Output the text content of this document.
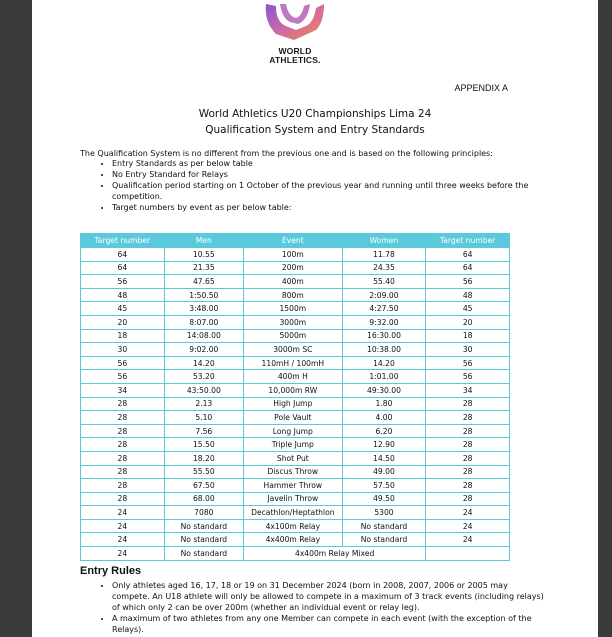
WORLD
ATHLETICS.
APPENDIX A
World Athletics U20 Championships Lima 24
Qualification System and Entry Standards
The Qualification System is no different from the previous one and is based on the following principles:
• Entry Standards as per below table
• No Entry Standard for Relays
• Qualification period starting on 1 October of the previous year and running until three weeks before the competition.
• Target numbers by event as per below table:
Target number	Men	Event	Women	Target number
64	10.55	100m	11.78	64
64	21.35	200m	24.35	64
56	47.65	400m	55.40	56
48	1:50.50	800m	2:09.00	48
45	3:48.00	1500m	4:27.50	45
20	8:07.00	3000m	9:32.00	20
18	14:08.00	5000m	16:30.00	18
30	9:02.00	3000m SC	10:38.00	30
56	14.20	110mH / 100mH	14.20	56
56	53.20	400m H	1:01.00	56
34	43:50.00	10,000m RW	49:30.00	34
28	2.13	High Jump	1.80	28
28	5.10	Pole Vault	4.00	28
28	7.56	Long Jump	6.20	28
28	15.50	Triple Jump	12.90	28
28	18.20	Shot Put	14.50	28
28	55.50	Discus Throw	49.00	28
28	67.50	Hammer Throw	57.50	28
28	68.00	Javelin Throw	49.50	28
24	7080	Decathlon/Heptathlon	5300	24
24	No standard	4x100m Relay	No standard	24
24	No standard	4x400m Relay	No standard	24
24	No standard	4x400m Relay Mixed		
Entry Rules
• Only athletes aged 16, 17, 18 or 19 on 31 December 2024 (born in 2008, 2007, 2006 or 2005 may compete. An U18 athlete will only be allowed to compete in a maximum of 3 track events (including relays) of which only 2 can be over 200m (whether an individual event or relay leg).
• A maximum of two athletes from any one Member can compete in each event (with the exception of the Relays).
